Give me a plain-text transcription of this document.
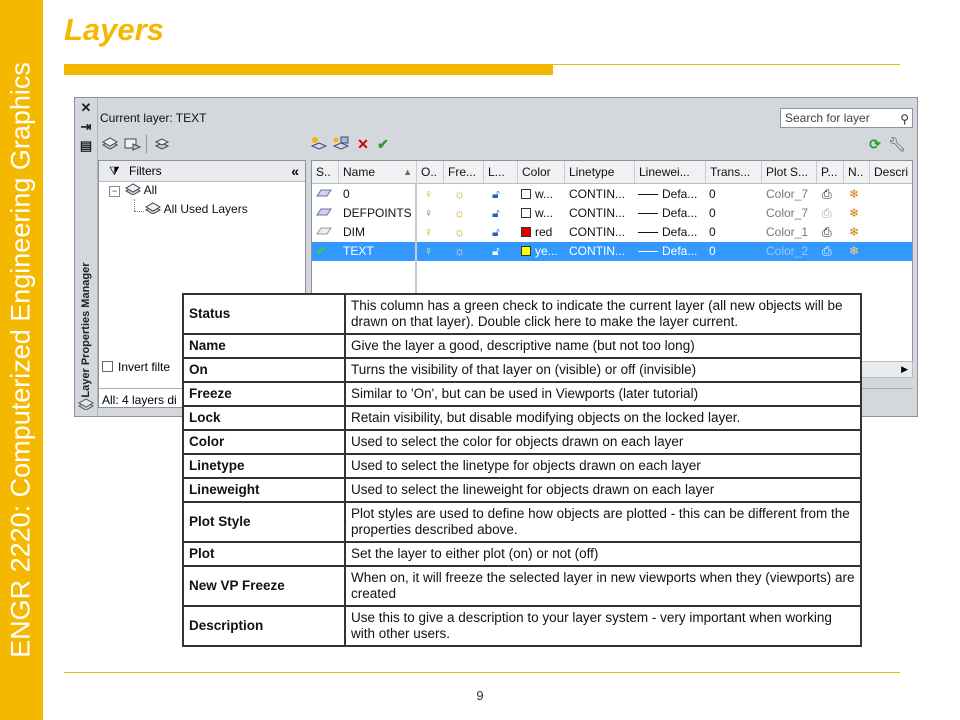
ENGR 2220: Computerized Engineering Graphics
Layers
✕
⇥
▤
Layer Properties Manager
Current layer: TEXT	Search for layer	⚲
✕ ✔	⟳ 🔧︎
⧩ Filters	«
−	All
All Used Layers
Invert filte
S..	Name	▲ O.. Fre... L...	Color	Linetype	Linewei...	Trans...	Plot S...	P... N.. Descri
0	♀	☼	🔓︎	w...	CONTIN...	Defa... 0	Color_7	⎙	❄︎
DEFPOINTS ♀	☼	🔓︎	w...	CONTIN...	Defa... 0	Color_7	⎙	❄︎
DIM	♀	☼	🔓︎	red	CONTIN...	Defa... 0	Color_1	⎙	❄︎
✔	TEXT	♀	☼	🔓︎	ye... CONTIN...	Defa... 0	Color_2	⎙	❄︎
▶
All: 4 layers di
Status	This column has a green check to indicate the current layer (all new objects will be drawn on that layer). Double click here to make the layer current.
Name	Give the layer a good, descriptive name (but not too long)
On	Turns the visibility of that layer on (visible) or off (invisible)
Freeze	Similar to 'On', but can be used in Viewports (later tutorial)
Lock	Retain visibility, but disable modifying objects on the locked layer.
Color	Used to select the color for objects drawn on each layer
Linetype	Used to select the linetype for objects drawn on each layer
Lineweight	Used to select the lineweight for objects drawn on each layer
Plot Style	Plot styles are used to define how objects are plotted - this can be different from the properties described above.
Plot	Set the layer to either plot (on) or not (off)
New VP Freeze	When on, it will freeze the selected layer in new viewports when they (viewports) are created
Description	Use this to give a description to your layer system - very important when working with other users.
9
